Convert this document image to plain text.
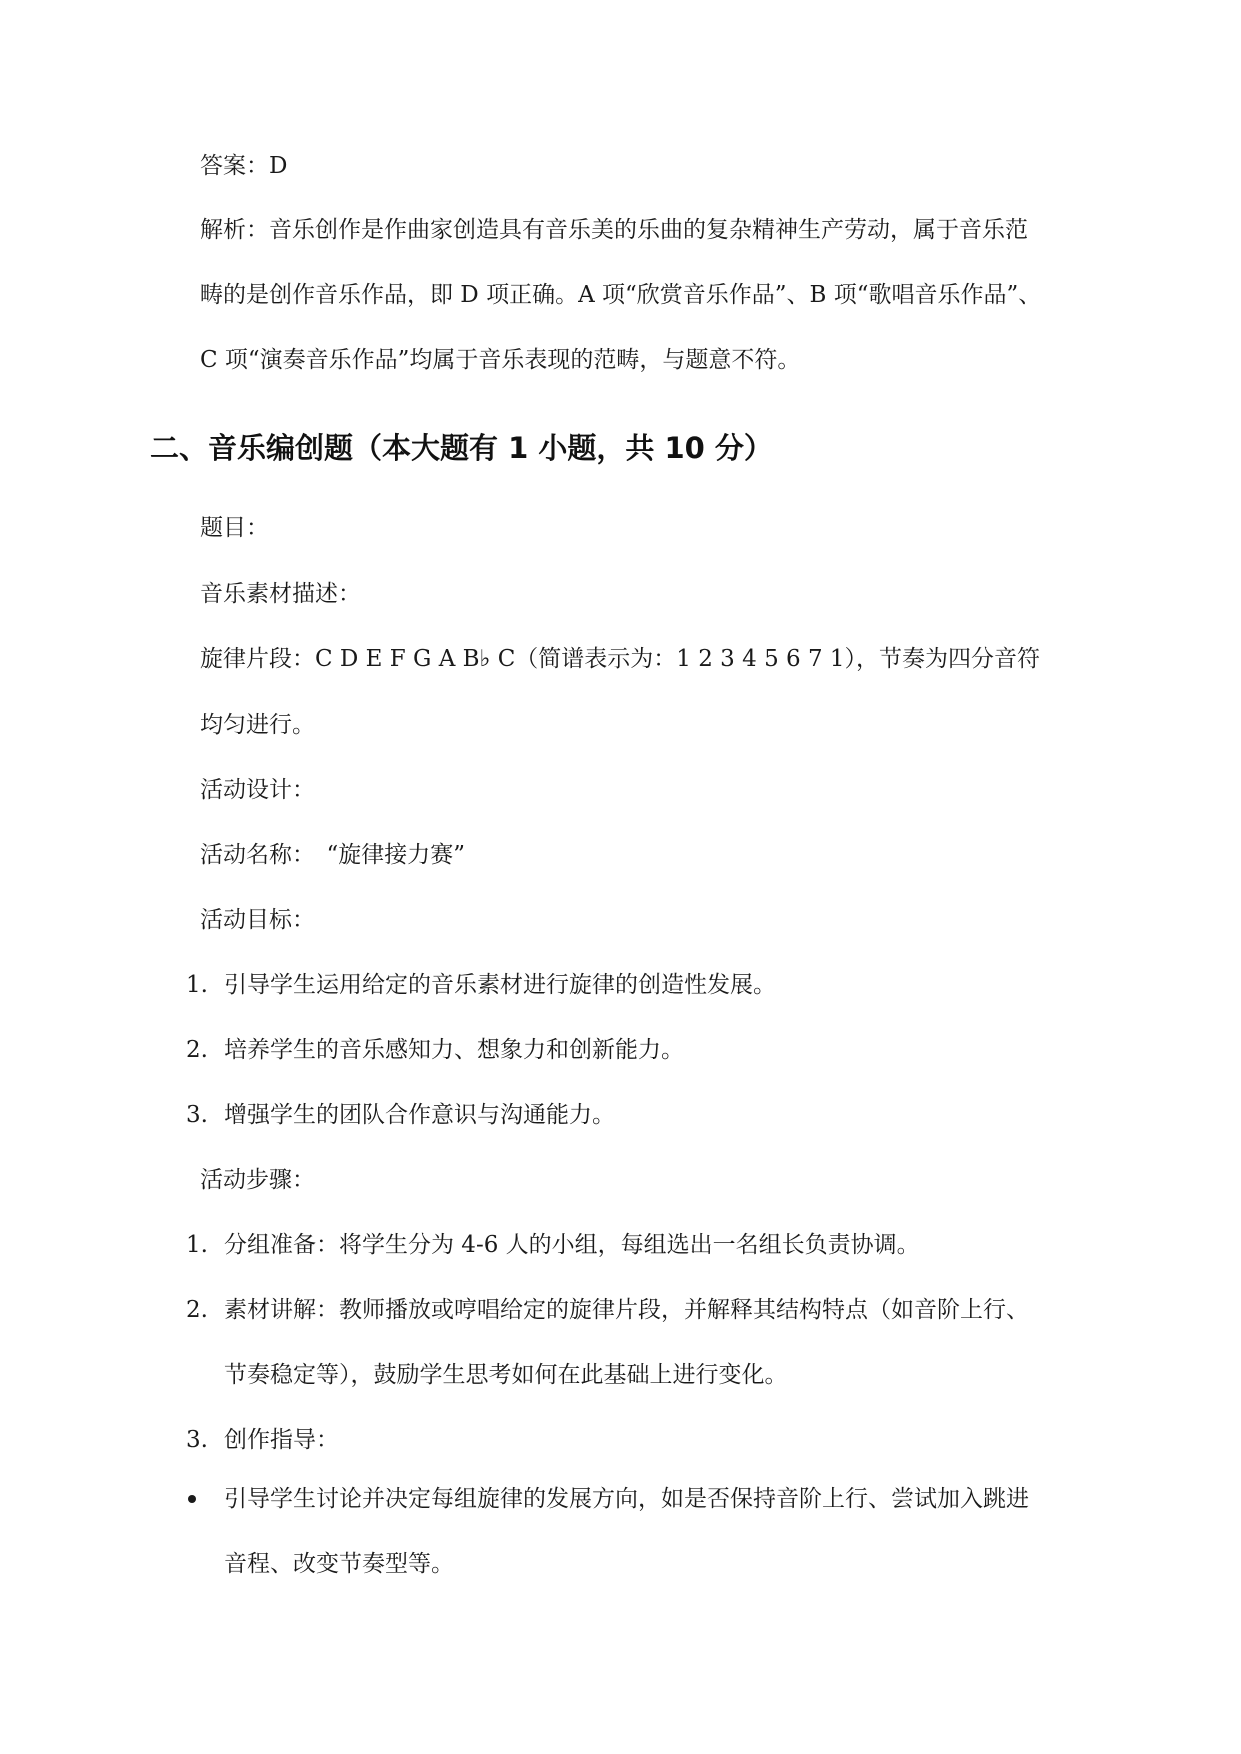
答案：D
解析：音乐创作是作曲家创造具有音乐美的乐曲的复杂精神生产劳动，属于音乐范
畴的是创作音乐作品，即 D 项正确。A 项“欣赏音乐作品”、B 项“歌唱音乐作品”、
C 项“演奏音乐作品”均属于音乐表现的范畴，与题意不符。
二、音乐编创题（本大题有 1 小题，共 10 分）
题目：
音乐素材描述：
旋律片段：C D E F G A B♭ C（简谱表示为：1 2 3 4 5 6 7 1），节奏为四分音符
均匀进行。
活动设计：
活动名称：　“旋律接力赛”
活动目标：
1. 引导学生运用给定的音乐素材进行旋律的创造性发展。
2. 培养学生的音乐感知力、想象力和创新能力。
3. 增强学生的团队合作意识与沟通能力。
活动步骤：
1. 分组准备：将学生分为 4-6 人的小组，每组选出一名组长负责协调。
2. 素材讲解：教师播放或哼唱给定的旋律片段，并解释其结构特点（如音阶上行、
节奏稳定等），鼓励学生思考如何在此基础上进行变化。
3. 创作指导：
引导学生讨论并决定每组旋律的发展方向，如是否保持音阶上行、尝试加入跳进
音程、改变节奏型等。
